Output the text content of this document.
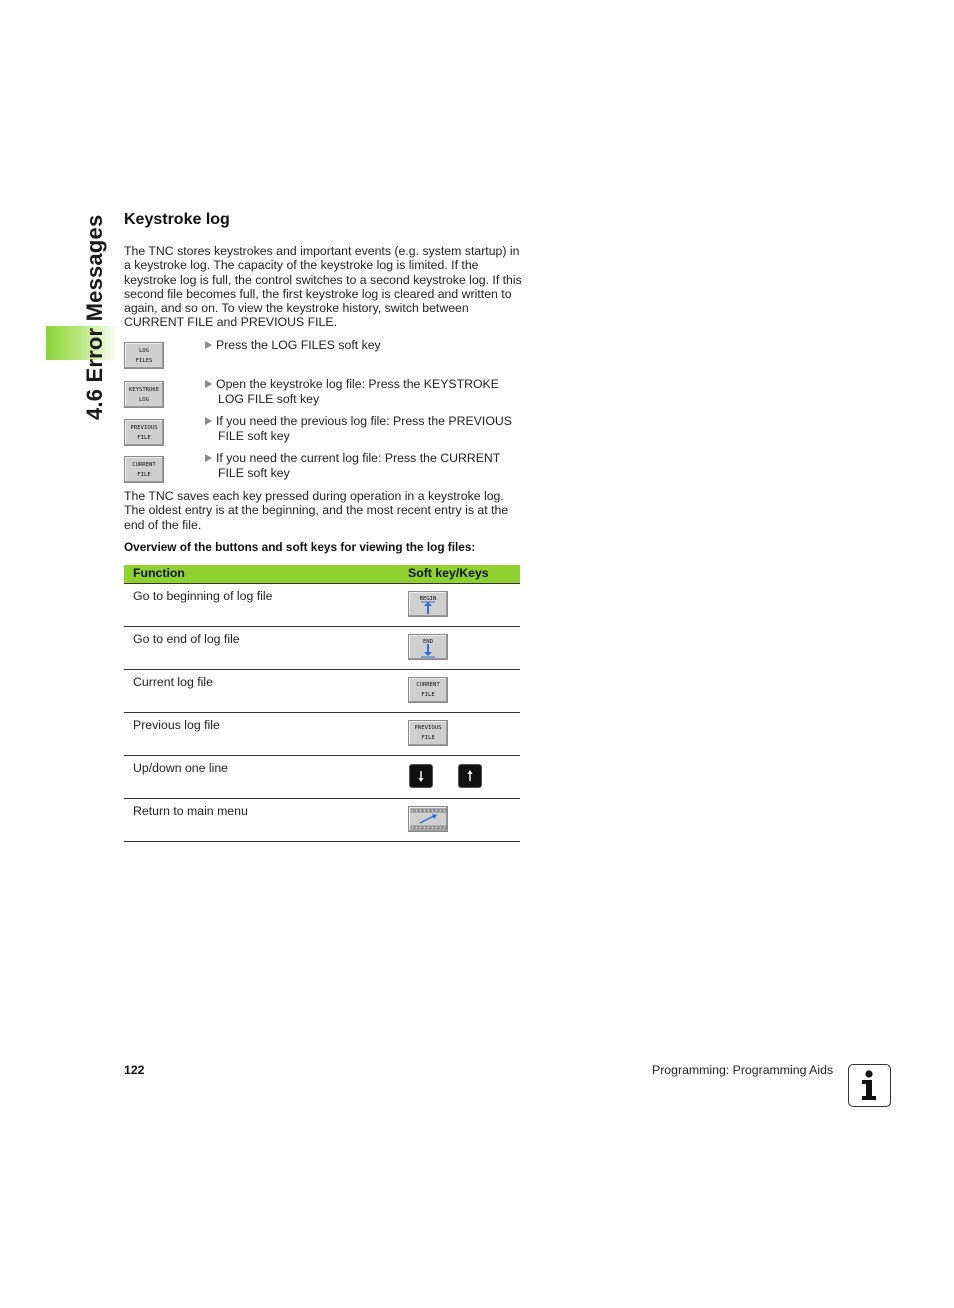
4.6 Error Messages Keystroke log
The TNC stores keystrokes and important events (e.g. system startup) in a keystroke log. The capacity of the keystroke log is limited. If the keystroke log is full, the control switches to a second keystroke log. If this second file becomes full, the first keystroke log is cleared and written to again, and so on. To view the keystroke history, switch between CURRENT FILE and PREVIOUS FILE.
LOG
FILES
Press the LOG FILES soft key
KEYSTROKE
LOG
Open the keystroke log file: Press the KEYSTROKE
LOG FILE soft key
PREVIOUS
FILE
If you need the previous log file: Press the PREVIOUS
FILE soft key
CURRENT
FILE
If you need the current log file: Press the CURRENT
FILE soft key
The TNC saves each key pressed during operation in a keystroke log. The oldest entry is at the beginning, and the most recent entry is at the end of the file.
Overview of the buttons and soft keys for viewing the log files:
Function	Soft key/Keys
Go to beginning of log file	BEGIN
Go to end of log file	END
Current log file	CURRENT
FILE
Previous log file	PREVIOUS
FILE
Up/down one line
Return to main menu
122	Programming: Programming Aids
